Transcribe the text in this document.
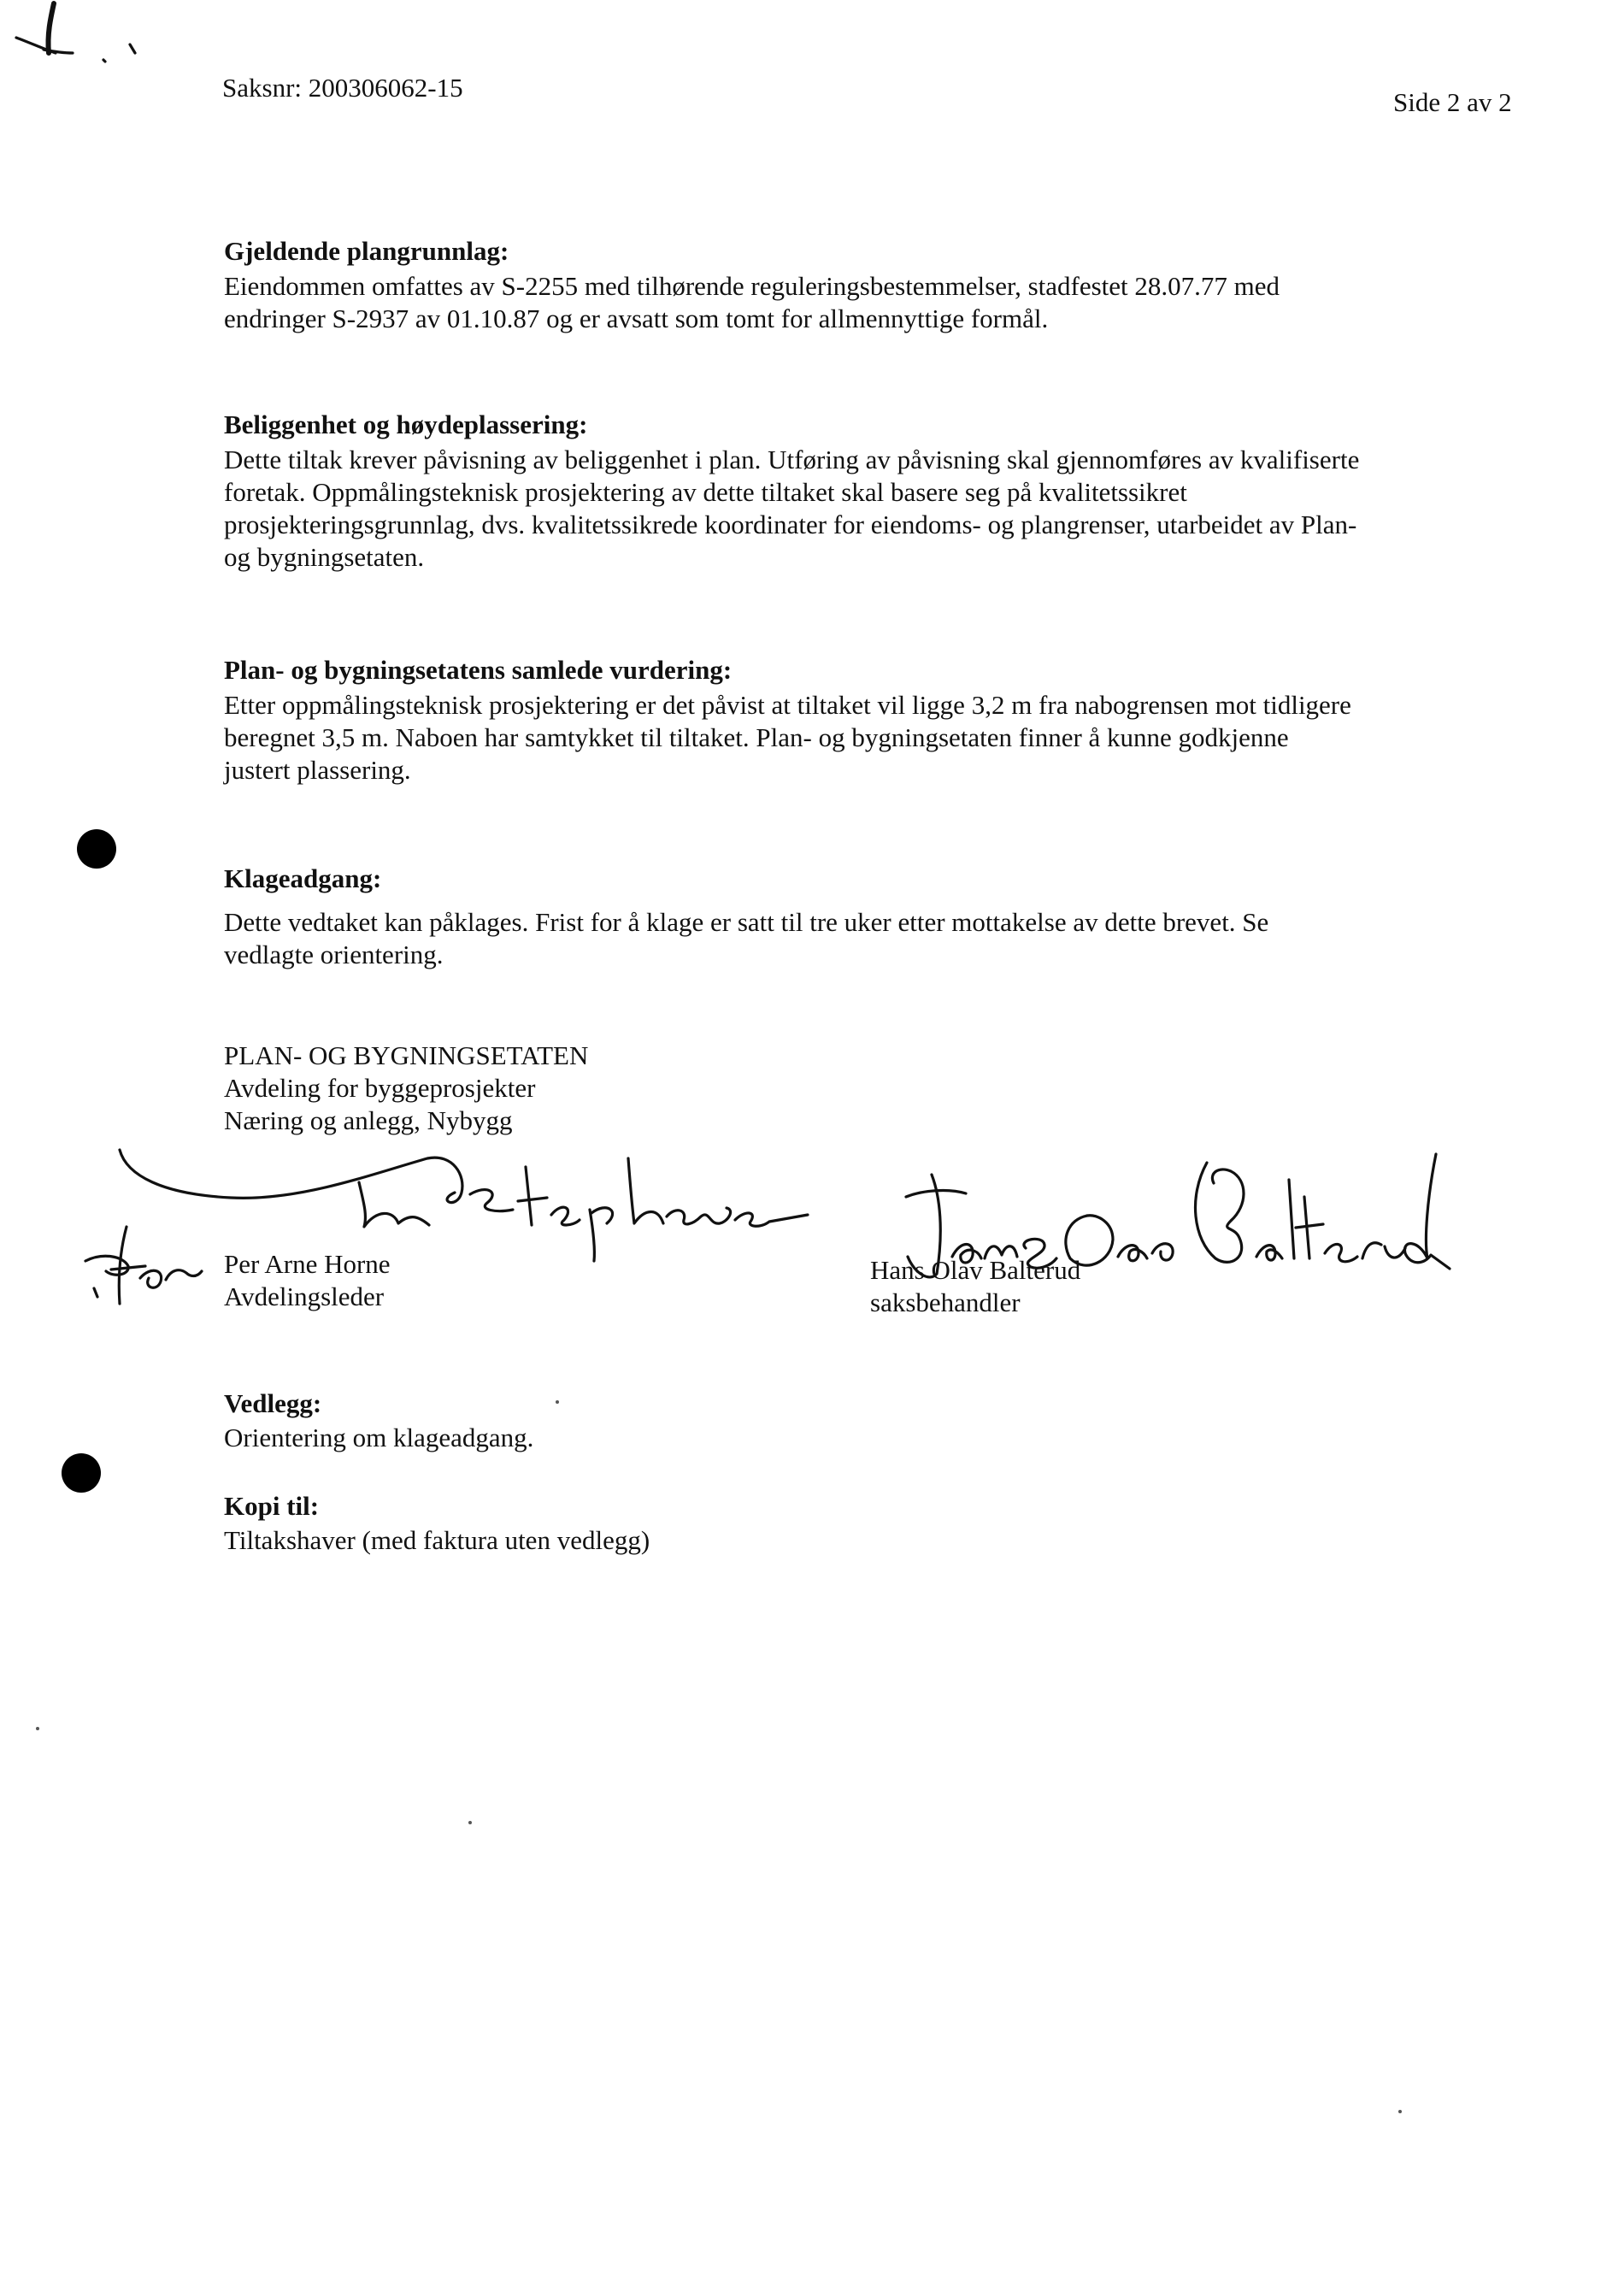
Saksnr: 200306062-15	Side 2 av 2
Gjeldende plangrunnlag:
Eiendommen omfattes av S-2255 med tilhørende reguleringsbestemmelser, stadfestet 28.07.77 med
endringer S-2937 av 01.10.87 og er avsatt som tomt for allmennyttige formål.
Beliggenhet og høydeplassering:
Dette tiltak krever påvisning av beliggenhet i plan. Utføring av påvisning skal gjennomføres av kvalifiserte
foretak. Oppmålingsteknisk prosjektering av dette tiltaket skal basere seg på kvalitetssikret
prosjekteringsgrunnlag, dvs. kvalitetssikrede koordinater for eiendoms- og plangrenser, utarbeidet av Plan-
og bygningsetaten.
Plan- og bygningsetatens samlede vurdering:
Etter oppmålingsteknisk prosjektering er det påvist at tiltaket vil ligge 3,2 m fra nabogrensen mot tidligere
beregnet 3,5 m. Naboen har samtykket til tiltaket. Plan- og bygningsetaten finner å kunne godkjenne
justert plassering.
Klageadgang:
Dette vedtaket kan påklages. Frist for å klage er satt til tre uker etter mottakelse av dette brevet. Se
vedlagte orientering.
PLAN- OG BYGNINGSETATEN
Avdeling for byggeprosjekter
Næring og anlegg, Nybygg
Per Arne Horne
Avdelingsleder
Hans Olav Balterud
saksbehandler
Vedlegg:
Orientering om klageadgang.
Kopi til:
Tiltakshaver (med faktura uten vedlegg)
